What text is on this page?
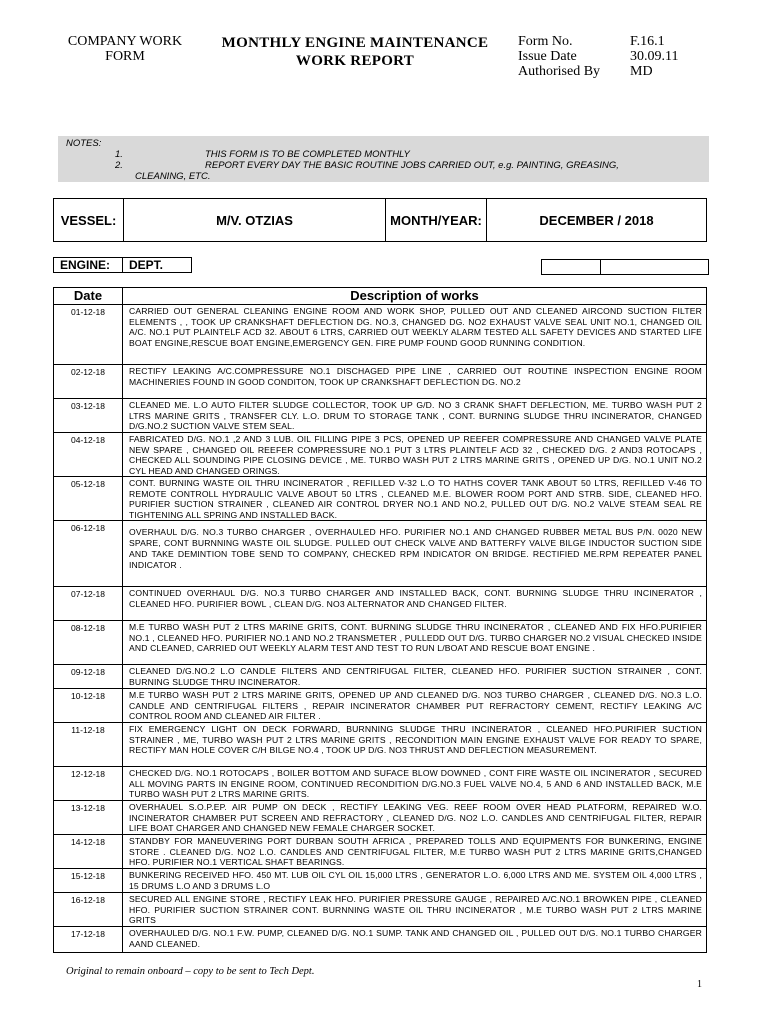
COMPANY WORK
FORM
MONTHLY ENGINE MAINTENANCE
WORK REPORT
Form No.	F.16.1
Issue Date	30.09.11
Authorised By	MD
NOTES:
1.	THIS FORM IS TO BE COMPLETED MONTHLY
2.	REPORT EVERY DAY THE BASIC ROUTINE JOBS CARRIED OUT, e.g. PAINTING, GREASING,
CLEANING, ETC.
VESSEL:	M/V. OTZIAS	MONTH/YEAR:	DECEMBER / 2018
ENGINE:	DEPT.
Date	Description of works
01-12-18	CARRIED OUT GENERAL CLEANING ENGINE ROOM AND WORK SHOP, PULLED OUT AND CLEANED AIRCOND SUCTION FILTER ELEMENTS , , TOOK UP CRANKSHAFT DEFLECTION DG. NO.3, CHANGED DG. NO2 EXHAUST VALVE SEAL UNIT NO.1, CHANGED OIL A/C. NO.1 PUT PLAINTELF ACD 32. ABOUT 6 LTRS, CARRIED OUT WEEKLY ALARM TESTED ALL SAFETY DEVICES AND STARTED LIFE BOAT ENGINE,RESCUE BOAT ENGINE,EMERGENCY GEN. FIRE PUMP FOUND GOOD RUNNING CONDITION.
02-12-18	RECTIFY LEAKING A/C.COMPRESSURE NO.1 DISCHAGED PIPE LINE , CARRIED OUT ROUTINE INSPECTION ENGINE ROOM MACHINERIES FOUND IN GOOD CONDITON, TOOK UP CRANKSHAFT DEFLECTION DG. NO.2
03-12-18	CLEANED ME. L.O AUTO FILTER SLUDGE COLLECTOR, TOOK UP G/D. NO 3 CRANK SHAFT DEFLECTION, ME. TURBO WASH PUT 2 LTRS MARINE GRITS , TRANSFER CLY. L.O. DRUM TO STORAGE TANK , CONT. BURNING SLUDGE THRU INCINERATOR, CHANGED D/G.NO.2 SUCTION VALVE STEM SEAL.
04-12-18	FABRICATED D/G. NO.1 ,2 AND 3 LUB. OIL FILLING PIPE 3 PCS, OPENED UP REEFER COMPRESSURE AND CHANGED VALVE PLATE NEW SPARE , CHANGED OIL REEFER COMPRESSURE NO.1 PUT 3 LTRS PLAINTELF ACD 32 , CHECKED D/G. 2 AND3 ROTOCAPS , CHECKED ALL SOUNDING PIPE CLOSING DEVICE , ME. TURBO WASH PUT 2 LTRS MARINE GRITS , OPENED UP D/G. NO.1 UNIT NO.2 CYL HEAD AND CHANGED ORINGS.
05-12-18	CONT. BURNING WASTE OIL THRU INCINERATOR , REFILLED V-32 L.O TO HATHS COVER TANK ABOUT 50 LTRS, REFILLED V-46 TO REMOTE CONTROLL HYDRAULIC VALVE ABOUT 50 LTRS , CLEANED M.E. BLOWER ROOM PORT AND STRB. SIDE, CLEANED HFO. PURIFIER SUCTION STRAINER , CLEANED AIR CONTROL DRYER NO.1 AND NO.2, PULLED OUT D/G. NO.2 VALVE STEAM SEAL RE TIGHTENING ALL SPRING AND INSTALLED BACK.
06-12-18	OVERHAUL D/G. NO.3 TURBO CHARGER , OVERHAULED HFO. PURIFIER NO.1 AND CHANGED RUBBER METAL BUS P/N. 0020 NEW SPARE, CONT BURNNING WASTE OIL SLUDGE. PULLED OUT CHECK VALVE AND BATTERFY VALVE BILGE INDUCTOR SUCTION SIDE AND TAKE DEMINTION TOBE SEND TO COMPANY, CHECKED RPM INDICATOR ON BRIDGE. RECTIFIED ME.RPM REPEATER PANEL INDICATOR .
07-12-18	CONTINUED OVERHAUL D/G. NO.3 TURBO CHARGER AND INSTALLED BACK, CONT. BURNING SLUDGE THRU INCINERATOR , CLEANED HFO. PURIFIER BOWL , CLEAN D/G. NO3 ALTERNATOR AND CHANGED FILTER.
08-12-18	M.E TURBO WASH PUT 2 LTRS MARINE GRITS, CONT. BURNING SLUDGE THRU INCINERATOR , CLEANED AND FIX HFO.PURIFIER NO.1 , CLEANED HFO. PURIFIER NO.1 AND NO.2 TRANSMETER , PULLEDD OUT D/G. TURBO CHARGER NO.2 VISUAL CHECKED INSIDE AND CLEANED, CARRIED OUT WEEKLY ALARM TEST AND TEST TO RUN L/BOAT AND RESCUE BOAT ENGINE .
09-12-18	CLEANED D/G.NO.2 L.O CANDLE FILTERS AND CENTRIFUGAL FILTER, CLEANED HFO. PURIFIER SUCTION STRAINER , CONT. BURNING SLUDGE THRU INCINERATOR.
10-12-18	M.E TURBO WASH PUT 2 LTRS MARINE GRITS, OPENED UP AND CLEANED D/G. NO3 TURBO CHARGER , CLEANED D/G. NO.3 L.O. CANDLE AND CENTRIFUGAL FILTERS , REPAIR INCINERATOR CHAMBER PUT REFRACTORY CEMENT, RECTIFY LEAKING A/C CONTROL ROOM AND CLEANED AIR FILTER .
11-12-18	FIX EMERGENCY LIGHT ON DECK FORWARD, BURNNING SLUDGE THRU INCINERATOR , CLEANED HFO.PURIFIER SUCTION STRAINER , ME, TURBO WASH PUT 2 LTRS MARINE GRITS , RECONDITION MAIN ENGINE EXHAUST VALVE FOR READY TO SPARE, RECTIFY MAN HOLE COVER C/H BILGE NO.4 , TOOK UP D/G. NO3 THRUST AND DEFLECTION MEASUREMENT.
12-12-18	CHECKED D/G. NO.1 ROTOCAPS , BOILER BOTTOM AND SUFACE BLOW DOWNED , CONT FIRE WASTE OIL INCINERATOR , SECURED ALL MOVING PARTS IN ENGINE ROOM, CONTINUED RECONDITION D/G.NO.3 FUEL VALVE NO.4, 5 AND 6 AND INSTALLED BACK, M.E TURBO WASH PUT 2 LTRS MARINE GRITS.
13-12-18	OVERHAUEL S.O.P.EP. AIR PUMP ON DECK , RECTIFY LEAKING VEG. REEF ROOM OVER HEAD PLATFORM, REPAIRED W.O. INCINERATOR CHAMBER PUT SCREEN AND REFRACTORY , CLEANED D/G. NO2 L.O. CANDLES AND CENTRIFUGAL FILTER, REPAIR LIFE BOAT CHARGER AND CHANGED NEW FEMALE CHARGER SOCKET.
14-12-18	STANDBY FOR MANEUVERING PORT DURBAN SOUTH AFRICA , PREPARED TOLLS AND EQUIPMENTS FOR BUNKERING, ENGINE STORE . CLEANED D/G. NO2 L.O. CANDLES AND CENTRIFUGAL FILTER, M.E TURBO WASH PUT 2 LTRS MARINE GRITS,CHANGED HFO. PURIFIER NO.1 VERTICAL SHAFT BEARINGS.
15-12-18	BUNKERING RECEIVED HFO. 450 MT. LUB OIL CYL OIL 15,000 LTRS , GENERATOR L.O. 6,000 LTRS AND ME. SYSTEM OIL 4,000 LTRS , 15 DRUMS L.O AND 3 DRUMS L.O
16-12-18	SECURED ALL ENGINE STORE , RECTIFY LEAK HFO. PURIFIER PRESSURE GAUGE , REPAIRED A/C.NO.1 BROWKEN PIPE , CLEANED HFO. PURIFIER SUCTION STRAINER CONT. BURNNING WASTE OIL THRU INCINERATOR , M.E TURBO WASH PUT 2 LTRS MARINE GRITS
17-12-18	OVERHAULED D/G. NO.1 F.W. PUMP, CLEANED D/G. NO.1 SUMP. TANK AND CHANGED OIL , PULLED OUT D/G. NO.1 TURBO CHARGER AAND CLEANED.
Original to remain onboard – copy to be sent to Tech Dept.
1
